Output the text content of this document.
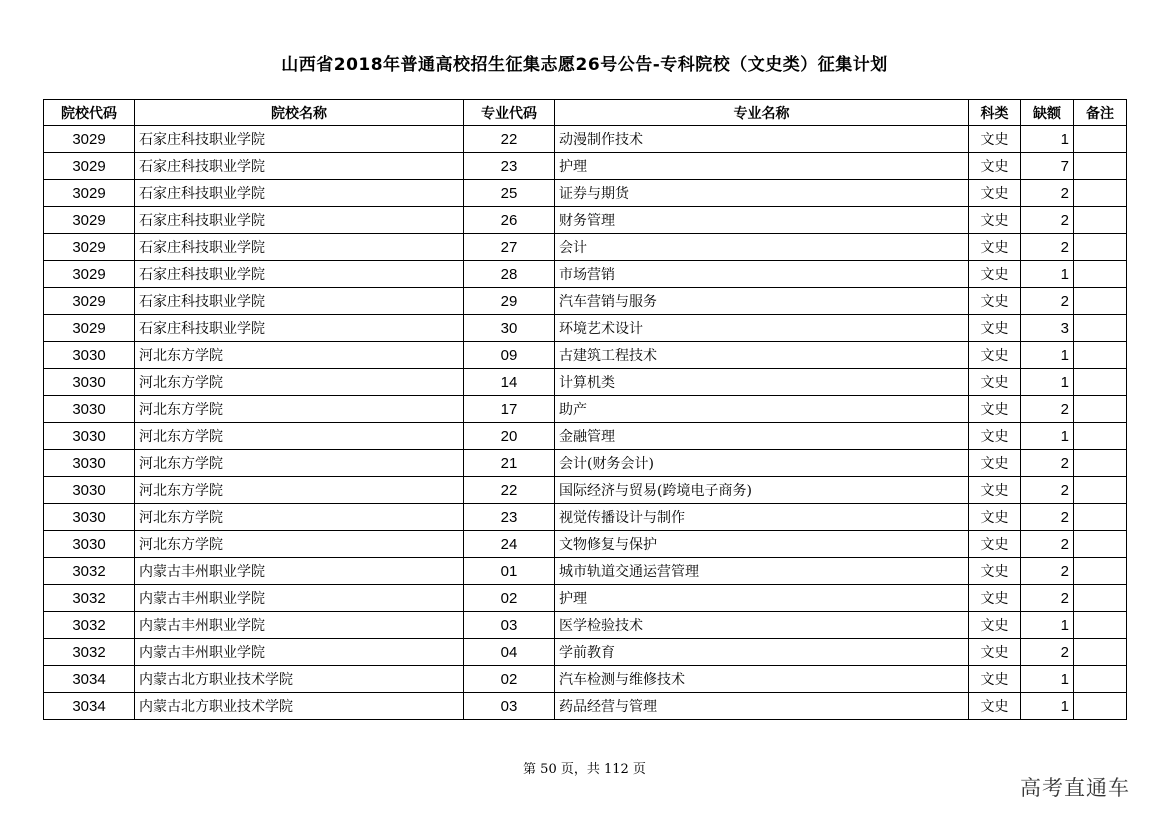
山西省2018年普通高校招生征集志愿26号公告-专科院校（文史类）征集计划
院校代码	院校名称	专业代码	专业名称	科类	缺额	备注
3029	石家庄科技职业学院	22	动漫制作技术	文史	1	
3029	石家庄科技职业学院	23	护理	文史	7	
3029	石家庄科技职业学院	25	证券与期货	文史	2	
3029	石家庄科技职业学院	26	财务管理	文史	2	
3029	石家庄科技职业学院	27	会计	文史	2	
3029	石家庄科技职业学院	28	市场营销	文史	1	
3029	石家庄科技职业学院	29	汽车营销与服务	文史	2	
3029	石家庄科技职业学院	30	环境艺术设计	文史	3	
3030	河北东方学院	09	古建筑工程技术	文史	1	
3030	河北东方学院	14	计算机类	文史	1	
3030	河北东方学院	17	助产	文史	2	
3030	河北东方学院	20	金融管理	文史	1	
3030	河北东方学院	21	会计(财务会计)	文史	2	
3030	河北东方学院	22	国际经济与贸易(跨境电子商务)	文史	2	
3030	河北东方学院	23	视觉传播设计与制作	文史	2	
3030	河北东方学院	24	文物修复与保护	文史	2	
3032	内蒙古丰州职业学院	01	城市轨道交通运营管理	文史	2	
3032	内蒙古丰州职业学院	02	护理	文史	2	
3032	内蒙古丰州职业学院	03	医学检验技术	文史	1	
3032	内蒙古丰州职业学院	04	学前教育	文史	2	
3034	内蒙古北方职业技术学院	02	汽车检测与维修技术	文史	1	
3034	内蒙古北方职业技术学院	03	药品经营与管理	文史	1	
第 50 页，共 112 页
高考直通车
